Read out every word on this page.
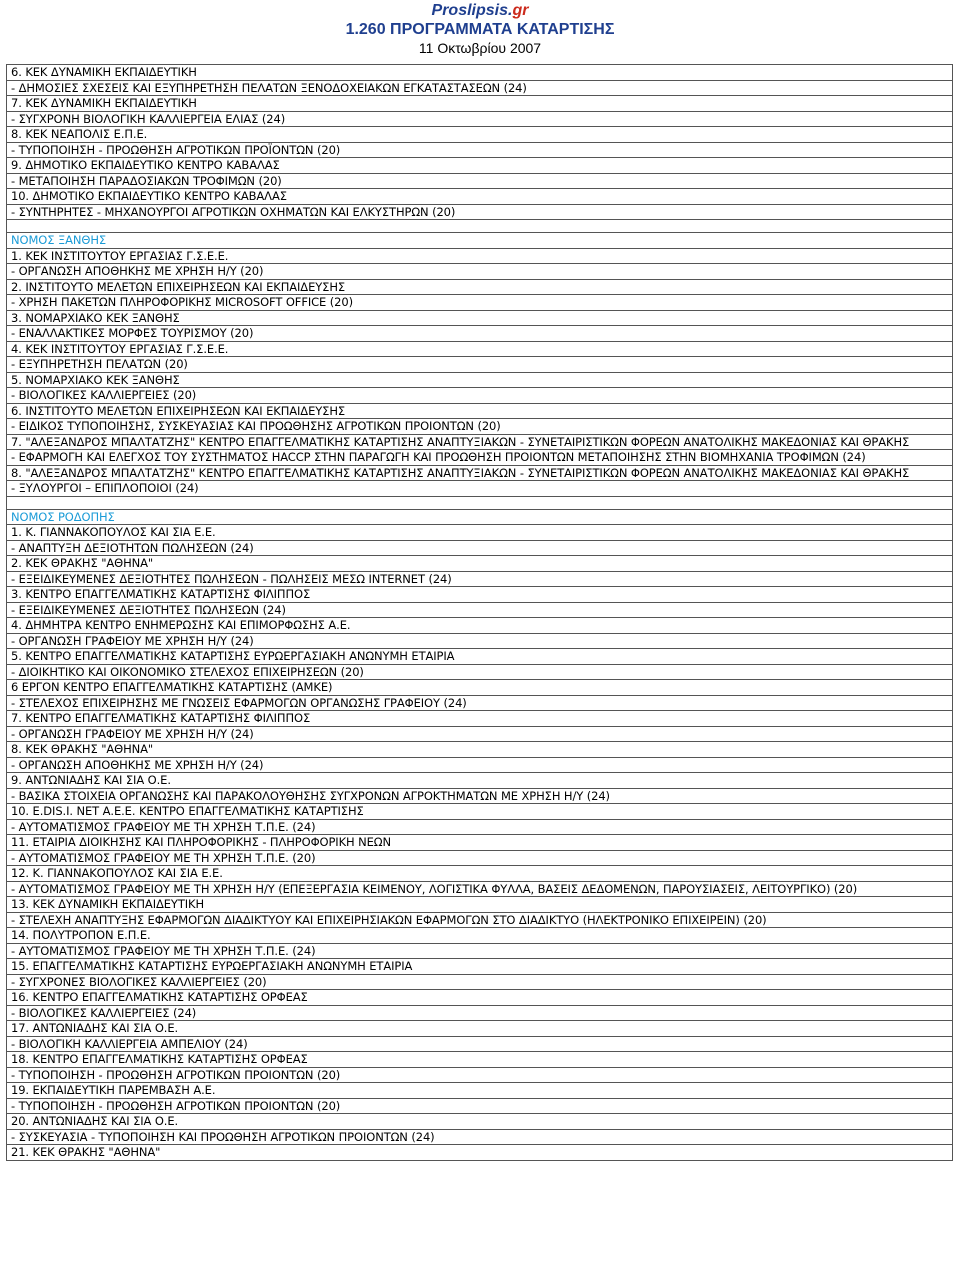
Proslipsis.gr
1.260 ΠΡΟΓΡΑΜΜΑΤΑ ΚΑΤΑΡΤΙΣΗΣ
11 Οκτωβρίου 2007
6. ΚΕΚ ΔΥΝΑΜΙΚΗ ΕΚΠΑΙΔΕΥΤΙΚΗ
- ΔΗΜΟΣΙΕΣ ΣΧΕΣΕΙΣ ΚΑΙ ΕΞΥΠΗΡΕΤΗΣΗ ΠΕΛΑΤΩΝ ΞΕΝΟΔΟΧΕΙΑΚΩΝ ΕΓΚΑΤΑΣΤΑΣΕΩΝ (24)
7. ΚΕΚ ΔΥΝΑΜΙΚΗ ΕΚΠΑΙΔΕΥΤΙΚΗ
- ΣΥΓΧΡΟΝΗ ΒΙΟΛΟΓΙΚΗ ΚΑΛΛΙΕΡΓΕΙΑ ΕΛΙΑΣ (24)
8. ΚΕΚ ΝΕΑΠΟΛΙΣ Ε.Π.Ε.
- ΤΥΠΟΠΟΙΗΣΗ - ΠΡΟΩΘΗΣΗ ΑΓΡΟΤΙΚΩΝ ΠΡΟΪΟΝΤΩΝ (20)
9. ΔΗΜΟΤΙΚΟ ΕΚΠΑΙΔΕΥΤΙΚΟ ΚΕΝΤΡΟ ΚΑΒΑΛΑΣ
- ΜΕΤΑΠΟΙΗΣΗ ΠΑΡΑΔΟΣΙΑΚΩΝ ΤΡΟΦΙΜΩΝ (20)
10. ΔΗΜΟΤΙΚΟ ΕΚΠΑΙΔΕΥΤΙΚΟ ΚΕΝΤΡΟ ΚΑΒΑΛΑΣ
- ΣΥΝΤΗΡΗΤΕΣ - ΜΗΧΑΝΟΥΡΓΟΙ ΑΓΡΟΤΙΚΩΝ ΟΧΗΜΑΤΩΝ ΚΑΙ ΕΛΚΥΣΤΗΡΩΝ (20)

ΝΟΜΟΣ ΞΑΝΘΗΣ
1. ΚΕΚ ΙΝΣΤΙΤΟΥΤΟΥ ΕΡΓΑΣΙΑΣ Γ.Σ.Ε.Ε.
- ΟΡΓΑΝΩΣΗ ΑΠΟΘΗΚΗΣ ΜΕ ΧΡΗΣΗ Η/Υ (20)
2. ΙΝΣΤΙΤΟΥΤΟ ΜΕΛΕΤΩΝ ΕΠΙΧΕΙΡΗΣΕΩΝ ΚΑΙ ΕΚΠΑΙΔΕΥΣΗΣ
- ΧΡΗΣΗ ΠΑΚΕΤΩΝ ΠΛΗΡΟΦΟΡΙΚΗΣ MICROSOFT OFFICE (20)
3. ΝΟΜΑΡΧΙΑΚΟ ΚΕΚ ΞΑΝΘΗΣ
- ΕΝΑΛΛΑΚΤΙΚΕΣ ΜΟΡΦΕΣ ΤΟΥΡΙΣΜΟΥ (20)
4. ΚΕΚ ΙΝΣΤΙΤΟΥΤΟΥ ΕΡΓΑΣΙΑΣ Γ.Σ.Ε.Ε.
- ΕΞΥΠΗΡΕΤΗΣΗ ΠΕΛΑΤΩΝ (20)
5. ΝΟΜΑΡΧΙΑΚΟ ΚΕΚ ΞΑΝΘΗΣ
- ΒΙΟΛΟΓΙΚΕΣ ΚΑΛΛΙΕΡΓΕΙΕΣ (20)
6. ΙΝΣΤΙΤΟΥΤΟ ΜΕΛΕΤΩΝ ΕΠΙΧΕΙΡΗΣΕΩΝ ΚΑΙ ΕΚΠΑΙΔΕΥΣΗΣ
- ΕΙΔΙΚΟΣ ΤΥΠΟΠΟΙΗΣΗΣ, ΣΥΣΚΕΥΑΣΙΑΣ ΚΑΙ ΠΡΟΩΘΗΣΗΣ ΑΓΡΟΤΙΚΩΝ ΠΡΟΙΟΝΤΩΝ (20)
7. "ΑΛΕΞΑΝΔΡΟΣ ΜΠΑΛΤΑΤΖΗΣ" ΚΕΝΤΡΟ ΕΠΑΓΓΕΛΜΑΤΙΚΗΣ ΚΑΤΑΡΤΙΣΗΣ ΑΝΑΠΤΥΞΙΑΚΩΝ - ΣΥΝΕΤΑΙΡΙΣΤΙΚΩΝ ΦΟΡΕΩΝ ΑΝΑΤΟΛΙΚΗΣ ΜΑΚΕΔΟΝΙΑΣ ΚΑΙ ΘΡΑΚΗΣ
- ΕΦΑΡΜΟΓΗ ΚΑΙ ΕΛΕΓΧΟΣ ΤΟΥ ΣΥΣΤΗΜΑΤΟΣ HACCP ΣΤΗΝ ΠΑΡΑΓΩΓΗ ΚΑΙ ΠΡΟΩΘΗΣΗ ΠΡΟΙΟΝΤΩΝ ΜΕΤΑΠΟΙΗΣΗΣ ΣΤΗΝ ΒΙΟΜΗΧΑΝΙΑ ΤΡΟΦΙΜΩΝ (24)
8. "ΑΛΕΞΑΝΔΡΟΣ ΜΠΑΛΤΑΤΖΗΣ" ΚΕΝΤΡΟ ΕΠΑΓΓΕΛΜΑΤΙΚΗΣ ΚΑΤΑΡΤΙΣΗΣ ΑΝΑΠΤΥΞΙΑΚΩΝ - ΣΥΝΕΤΑΙΡΙΣΤΙΚΩΝ ΦΟΡΕΩΝ ΑΝΑΤΟΛΙΚΗΣ ΜΑΚΕΔΟΝΙΑΣ ΚΑΙ ΘΡΑΚΗΣ
- ΞΥΛΟΥΡΓΟΙ – ΕΠΙΠΛΟΠΟΙΟΙ (24)

ΝΟΜΟΣ ΡΟΔΟΠΗΣ
1. Κ. ΓΙΑΝΝΑΚΟΠΟΥΛΟΣ ΚΑΙ ΣΙΑ Ε.Ε.
- ΑΝΑΠΤΥΞΗ ΔΕΞΙΟΤΗΤΩΝ ΠΩΛΗΣΕΩΝ (24)
2. ΚΕΚ ΘΡΑΚΗΣ "ΑΘΗΝΑ"
- ΕΞΕΙΔΙΚΕΥΜΕΝΕΣ ΔΕΞΙΟΤΗΤΕΣ ΠΩΛΗΣΕΩΝ - ΠΩΛΗΣΕΙΣ ΜΕΣΩ INTERNET (24)
3. ΚΕΝΤΡΟ ΕΠΑΓΓΕΛΜΑΤΙΚΗΣ ΚΑΤΑΡΤΙΣΗΣ ΦΙΛΙΠΠΟΣ
- ΕΞΕΙΔΙΚΕΥΜΕΝΕΣ ΔΕΞΙΟΤΗΤΕΣ ΠΩΛΗΣΕΩΝ (24)
4. ΔΗΜΗΤΡΑ ΚΕΝΤΡΟ ΕΝΗΜΕΡΩΣΗΣ ΚΑΙ ΕΠΙΜΟΡΦΩΣΗΣ Α.Ε.
- ΟΡΓΑΝΩΣΗ ΓΡΑΦΕΙΟΥ ΜΕ ΧΡΗΣΗ Η/Υ (24)
5. ΚΕΝΤΡΟ ΕΠΑΓΓΕΛΜΑΤΙΚΗΣ ΚΑΤΑΡΤΙΣΗΣ ΕΥΡΩΕΡΓΑΣΙΑΚΗ ΑΝΩΝΥΜΗ ΕΤΑΙΡΙΑ
- ΔΙΟΙΚΗΤΙΚΟ ΚΑΙ ΟΙΚΟΝΟΜΙΚΟ ΣΤΕΛΕΧΟΣ ΕΠΙΧΕΙΡΗΣΕΩΝ (20)
6 ΕΡΓΟΝ ΚΕΝΤΡΟ ΕΠΑΓΓΕΛΜΑΤΙΚΗΣ ΚΑΤΑΡΤΙΣΗΣ (ΑΜΚΕ)
- ΣΤΕΛΕΧΟΣ ΕΠΙΧΕΙΡΗΣΗΣ ΜΕ ΓΝΩΣΕΙΣ ΕΦΑΡΜΟΓΩΝ ΟΡΓΑΝΩΣΗΣ ΓΡΑΦΕΙΟΥ (24)
7. ΚΕΝΤΡΟ ΕΠΑΓΓΕΛΜΑΤΙΚΗΣ ΚΑΤΑΡΤΙΣΗΣ ΦΙΛΙΠΠΟΣ
- ΟΡΓΑΝΩΣΗ ΓΡΑΦΕΙΟΥ ΜΕ ΧΡΗΣΗ Η/Υ (24)
8. ΚΕΚ ΘΡΑΚΗΣ "ΑΘΗΝΑ"
- ΟΡΓΑΝΩΣΗ ΑΠΟΘΗΚΗΣ ΜΕ ΧΡΗΣΗ Η/Υ (24)
9. ΑΝΤΩΝΙΑΔΗΣ ΚΑΙ ΣΙΑ Ο.Ε.
- ΒΑΣΙΚΑ ΣΤΟΙΧΕΙΑ ΟΡΓΑΝΩΣΗΣ ΚΑΙ ΠΑΡΑΚΟΛΟΥΘΗΣΗΣ ΣΥΓΧΡΟΝΩΝ ΑΓΡΟΚΤΗΜΑΤΩΝ ΜΕ ΧΡΗΣΗ Η/Υ (24)
10. E.DIS.I. NET Α.Ε.Ε. ΚΕΝΤΡΟ ΕΠΑΓΓΕΛΜΑΤΙΚΗΣ ΚΑΤΑΡΤΙΣΗΣ
- ΑΥΤΟΜΑΤΙΣΜΟΣ ΓΡΑΦΕΙΟΥ ΜΕ ΤΗ ΧΡΗΣΗ Τ.Π.Ε. (24)
11. ΕΤΑΙΡΙΑ ΔΙΟΙΚΗΣΗΣ ΚΑΙ ΠΛΗΡΟΦΟΡΙΚΗΣ - ΠΛΗΡΟΦΟΡΙΚΗ ΝΕΩΝ
- ΑΥΤΟΜΑΤΙΣΜΟΣ ΓΡΑΦΕΙΟΥ ΜΕ ΤΗ ΧΡΗΣΗ Τ.Π.Ε. (20)
12. Κ. ΓΙΑΝΝΑΚΟΠΟΥΛΟΣ ΚΑΙ ΣΙΑ Ε.Ε.
- ΑΥΤΟΜΑΤΙΣΜΟΣ ΓΡΑΦΕΙΟΥ ΜΕ ΤΗ ΧΡΗΣΗ Η/Υ (ΕΠΕΞΕΡΓΑΣΙΑ ΚΕΙΜΕΝΟΥ, ΛΟΓΙΣΤΙΚΑ ΦΥΛΛΑ, ΒΑΣΕΙΣ ΔΕΔΟΜΕΝΩΝ, ΠΑΡΟΥΣΙΑΣΕΙΣ, ΛΕΙΤΟΥΡΓΙΚΟ) (20)
13. ΚΕΚ ΔΥΝΑΜΙΚΗ ΕΚΠΑΙΔΕΥΤΙΚΗ
- ΣΤΕΛΕΧΗ ΑΝΑΠΤΥΞΗΣ ΕΦΑΡΜΟΓΩΝ ΔΙΑΔΙΚΤΥΟΥ ΚΑΙ ΕΠΙΧΕΙΡΗΣΙΑΚΩΝ ΕΦΑΡΜΟΓΩΝ ΣΤΟ ΔΙΑΔΙΚΤΥΟ (ΗΛΕΚΤΡΟΝΙΚΟ ΕΠΙΧΕΙΡΕΙΝ) (20)
14. ΠΟΛΥΤΡΟΠΟΝ Ε.Π.Ε.
- ΑΥΤΟΜΑΤΙΣΜΟΣ ΓΡΑΦΕΙΟΥ ΜΕ ΤΗ ΧΡΗΣΗ Τ.Π.Ε. (24)
15. ΕΠΑΓΓΕΛΜΑΤΙΚΗΣ ΚΑΤΑΡΤΙΣΗΣ ΕΥΡΩΕΡΓΑΣΙΑΚΗ ΑΝΩΝΥΜΗ ΕΤΑΙΡΙΑ
- ΣΥΓΧΡΟΝΕΣ ΒΙΟΛΟΓΙΚΕΣ ΚΑΛΛΙΕΡΓΕΙΕΣ (20)
16. ΚΕΝΤΡΟ ΕΠΑΓΓΕΛΜΑΤΙΚΗΣ ΚΑΤΑΡΤΙΣΗΣ ΟΡΦΕΑΣ
- ΒΙΟΛΟΓΙΚΕΣ ΚΑΛΛΙΕΡΓΕΙΕΣ (24)
17. ΑΝΤΩΝΙΑΔΗΣ ΚΑΙ ΣΙΑ Ο.Ε.
- ΒΙΟΛΟΓΙΚΗ ΚΑΛΛΙΕΡΓΕΙΑ ΑΜΠΕΛΙΟΥ (24)
18. ΚΕΝΤΡΟ ΕΠΑΓΓΕΛΜΑΤΙΚΗΣ ΚΑΤΑΡΤΙΣΗΣ ΟΡΦΕΑΣ
- ΤΥΠΟΠΟΙΗΣΗ - ΠΡΟΩΘΗΣΗ ΑΓΡΟΤΙΚΩΝ ΠΡΟΙΟΝΤΩΝ (20)
19. ΕΚΠΑΙΔΕΥΤΙΚΗ ΠΑΡΕΜΒΑΣΗ Α.Ε.
- ΤΥΠΟΠΟΙΗΣΗ - ΠΡΟΩΘΗΣΗ ΑΓΡΟΤΙΚΩΝ ΠΡΟΙΟΝΤΩΝ (20)
20. ΑΝΤΩΝΙΑΔΗΣ ΚΑΙ ΣΙΑ Ο.Ε.
- ΣΥΣΚΕΥΑΣΙΑ - ΤΥΠΟΠΟΙΗΣΗ ΚΑΙ ΠΡΟΩΘΗΣΗ ΑΓΡΟΤΙΚΩΝ ΠΡΟΙΟΝΤΩΝ (24)
21. ΚΕΚ ΘΡΑΚΗΣ "ΑΘΗΝΑ"
